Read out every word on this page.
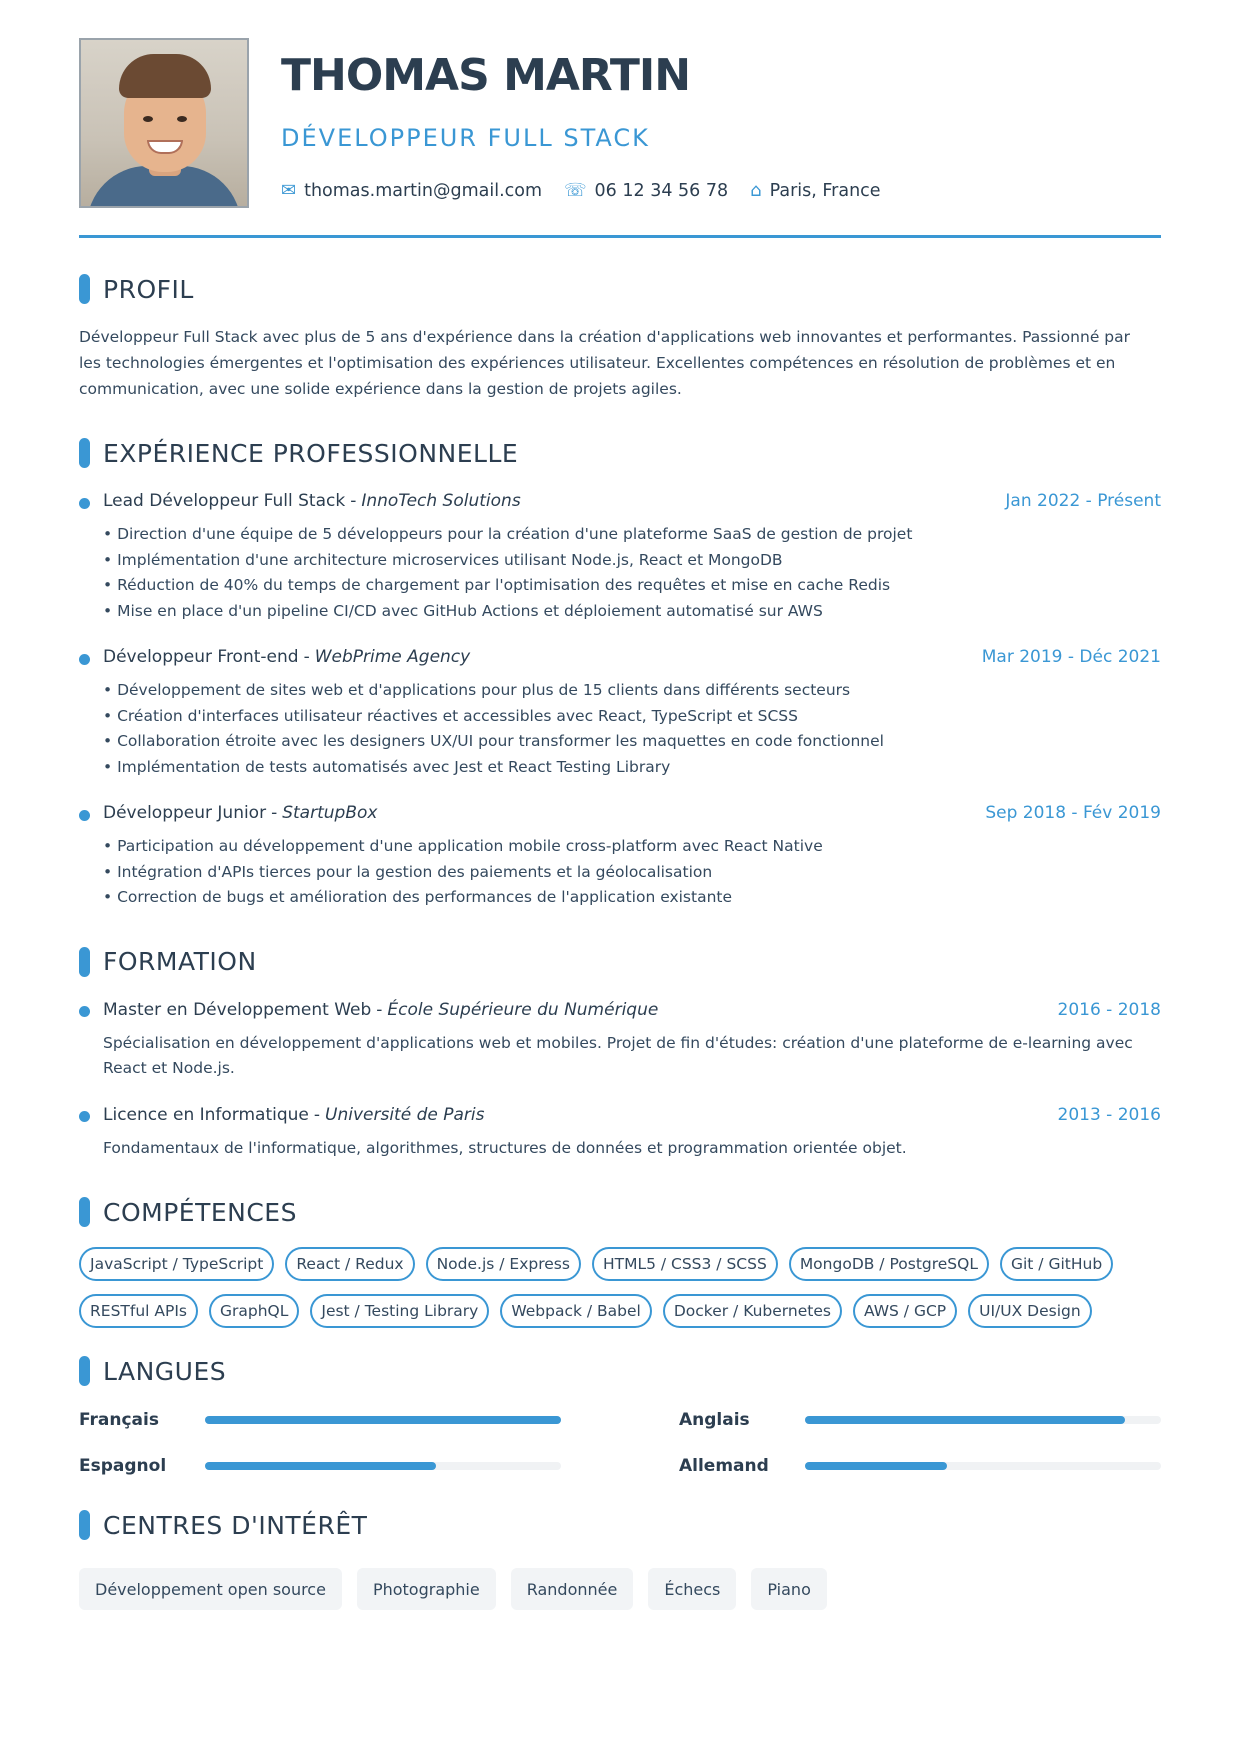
THOMAS MARTIN
DÉVELOPPEUR FULL STACK
✉ thomas.martin@gmail.com ☏ 06 12 34 56 78 ⌂ Paris, France
PROFIL
Développeur Full Stack avec plus de 5 ans d'expérience dans la création d'applications web innovantes et performantes. Passionné par les technologies émergentes et l'optimisation des expériences utilisateur. Excellentes compétences en résolution de problèmes et en communication, avec une solide expérience dans la gestion de projets agiles.
EXPÉRIENCE PROFESSIONNELLE
Lead Développeur Full Stack - InnoTech Solutions	Jan 2022 - Présent
• Direction d'une équipe de 5 développeurs pour la création d'une plateforme SaaS de gestion de projet
• Implémentation d'une architecture microservices utilisant Node.js, React et MongoDB
• Réduction de 40% du temps de chargement par l'optimisation des requêtes et mise en cache Redis
• Mise en place d'un pipeline CI/CD avec GitHub Actions et déploiement automatisé sur AWS
Développeur Front-end - WebPrime Agency	Mar 2019 - Déc 2021
• Développement de sites web et d'applications pour plus de 15 clients dans différents secteurs
• Création d'interfaces utilisateur réactives et accessibles avec React, TypeScript et SCSS
• Collaboration étroite avec les designers UX/UI pour transformer les maquettes en code fonctionnel
• Implémentation de tests automatisés avec Jest et React Testing Library
Développeur Junior - StartupBox	Sep 2018 - Fév 2019
• Participation au développement d'une application mobile cross-platform avec React Native
• Intégration d'APIs tierces pour la gestion des paiements et la géolocalisation
• Correction de bugs et amélioration des performances de l'application existante
FORMATION
Master en Développement Web - École Supérieure du Numérique	2016 - 2018
Spécialisation en développement d'applications web et mobiles. Projet de fin d'études: création d'une plateforme de e-learning avec React et Node.js.
Licence en Informatique - Université de Paris	2013 - 2016
Fondamentaux de l'informatique, algorithmes, structures de données et programmation orientée objet.
COMPÉTENCES
JavaScript / TypeScript	React / Redux	Node.js / Express	HTML5 / CSS3 / SCSS	MongoDB / PostgreSQL	Git / GitHub
RESTful APIs	GraphQL	Jest / Testing Library	Webpack / Babel	Docker / Kubernetes	AWS / GCP	UI/UX Design
LANGUES
Français	Anglais
Espagnol	Allemand
CENTRES D'INTÉRÊT
Développement open source	Photographie	Randonnée	Échecs	Piano
